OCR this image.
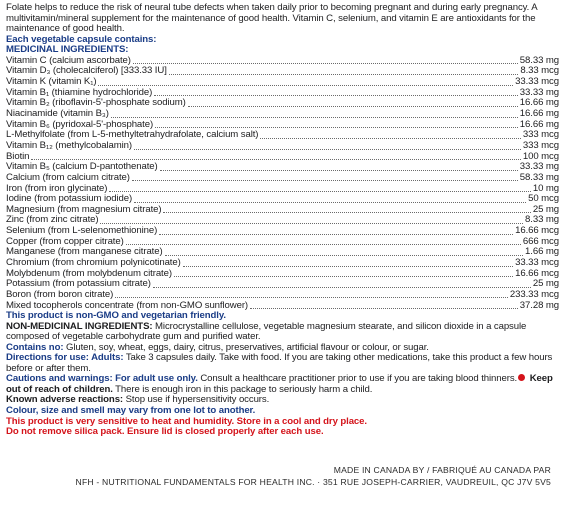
Folate helps to reduce the risk of neural tube defects when taken daily prior to becoming pregnant and during early pregnancy. A multivitamin/mineral supplement for the maintenance of good health. Vitamin C, selenium, and vitamin E are antioxidants for the maintenance of good health.

Each vegetable capsule contains:
MEDICINAL INGREDIENTS:
Vitamin C (calcium ascorbate)	58.33 mg
Vitamin D₃ (cholecalciferol) [333.33 IU]	8.33 mcg
Vitamin K (vitamin K₁)	33.33 mcg
Vitamin B₁ (thiamine hydrochloride)	33.33 mg
Vitamin B₂ (riboflavin-5'-phosphate sodium)	16.66 mg
Niacinamide (vitamin B₃)	16.66 mg
Vitamin B₆ (pyridoxal-5'-phosphate)	16.66 mg
L-Methylfolate (from L-5-methyltetrahydrafolate, calcium salt)	333 mcg
Vitamin B₁₂ (methylcobalamin)	333 mcg
Biotin	100 mcg
Vitamin B₅ (calcium D-pantothenate)	33.33 mg
Calcium (from calcium citrate)	58.33 mg
Iron (from iron glycinate)	10 mg
Iodine (from potassium iodide)	50 mcg
Magnesium (from magnesium citrate)	25 mg
Zinc (from zinc citrate)	8.33 mg
Selenium (from L-selenomethionine)	16.66 mcg
Copper (from copper citrate)	666 mcg
Manganese (from manganese citrate)	1.66 mg
Chromium (from chromium polynicotinate)	33.33 mcg
Molybdenum (from molybdenum citrate)	16.66 mcg
Potassium (from potassium citrate)	25 mg
Boron (from boron citrate)	233.33 mcg
Mixed tocopherols concentrate (from non-GMO sunflower)	37.28 mg
This product is non-GMO and vegetarian friendly.
NON-MEDICINAL INGREDIENTS: Microcrystalline cellulose, vegetable magnesium stearate, and silicon dioxide in a capsule composed of vegetable carbohydrate gum and purified water.
Contains no: Gluten, soy, wheat, eggs, dairy, citrus, preservatives, artificial flavour or colour, or sugar.
Directions for use: Adults: Take 3 capsules daily. Take with food. If you are taking other medications, take this product a few hours before or after them.
Cautions and warnings: For adult use only. Consult a healthcare practitioner prior to use if you are taking blood thinners. Keep out of reach of children. There is enough iron in this package to seriously harm a child.
Known adverse reactions: Stop use if hypersensitivity occurs.
Colour, size and smell may vary from one lot to another.
This product is very sensitive to heat and humidity. Store in a cool and dry place.
Do not remove silica pack. Ensure lid is closed properly after each use.
MADE IN CANADA BY / FABRIQUÉ AU CANADA PAR
NFH - NUTRITIONAL FUNDAMENTALS FOR HEALTH INC. · 351 RUE JOSEPH-CARRIER, VAUDREUIL, QC J7V 5V5
